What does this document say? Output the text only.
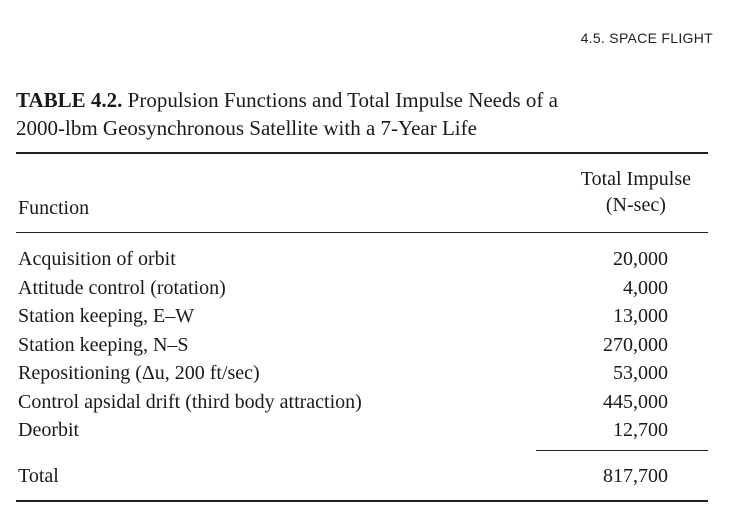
4.5. SPACE FLIGHT
TABLE 4.2. Propulsion Functions and Total Impulse Needs of a
2000-lbm Geosynchronous Satellite with a 7-Year Life
Function
Total Impulse
(N-sec)
Acquisition of orbit	20,000
Attitude control (rotation)	4,000
Station keeping, E–W	13,000
Station keeping, N–S	270,000
Repositioning (Δu, 200 ft/sec)	53,000
Control apsidal drift (third body attraction)	445,000
Deorbit	12,700
Total	817,700
